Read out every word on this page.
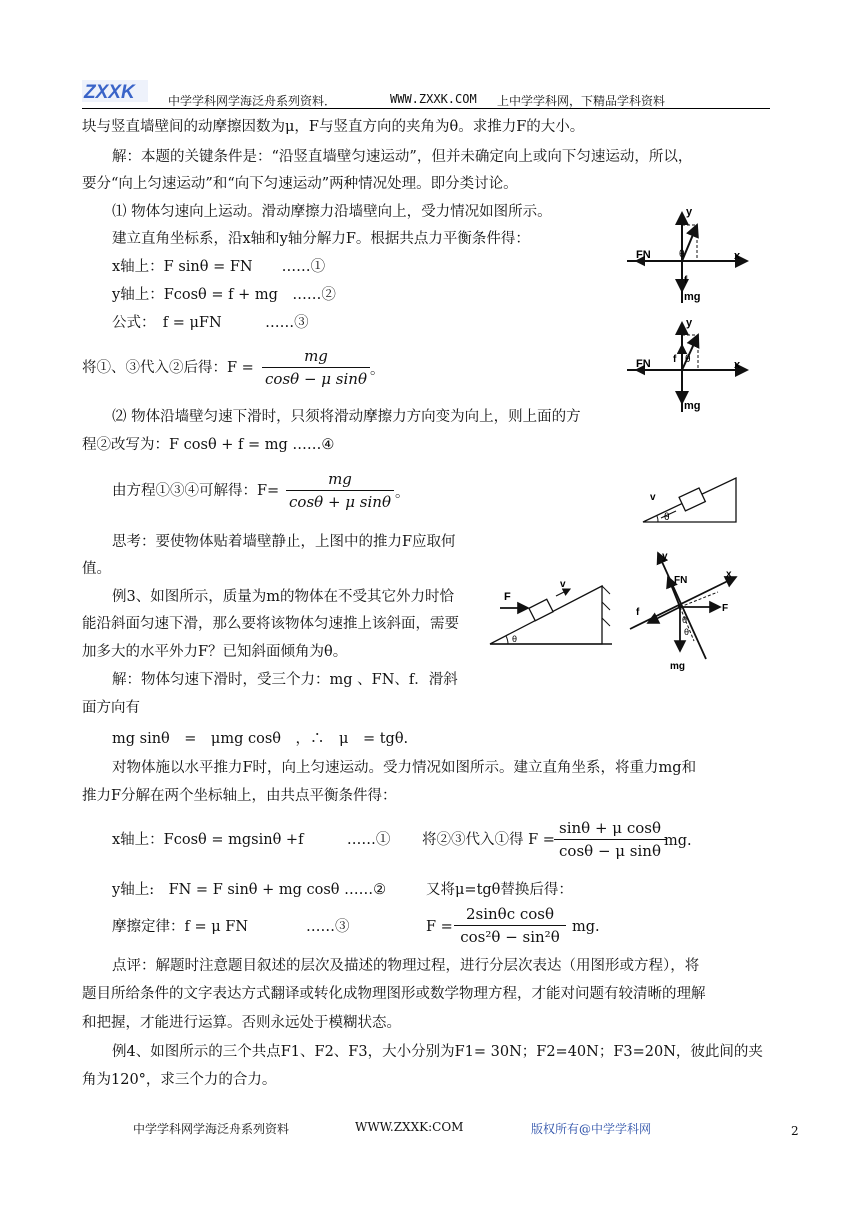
ZXXK	中学学科网学海泛舟系列资料．	WWW.ZXXK.COM 上中学学科网，下精品学科资料
块与竖直墙壁间的动摩擦因数为μ，F与竖直方向的夹角为θ。求推力F的大小。
解：本题的关键条件是：“沿竖直墙壁匀速运动”，但并未确定向上或向下匀速运动，所以，
要分“向上匀速运动”和“向下匀速运动”两种情况处理。即分类讨论。
⑴ 物体匀速向上运动。滑动摩擦力沿墙壁向上，受力情况如图所示。
建立直角坐标系，沿x轴和y轴分解力F。根据共点力平衡条件得：
x轴上：F sinθ = FN　　……①
y轴上：Fcosθ = f + mg　……②
公式：　f = μFN　　　……③
将①、③代入②后得：F =
mg
cosθ − μ sinθ 。
⑵ 物体沿墙壁匀速下滑时，只须将滑动摩擦力方向变为向上，则上面的方
程②改写为：F cosθ + f = mg ……④
由方程①③④可解得：F=
mg
cosθ + μ sinθ 。
思考：要使物体贴着墙壁静止，上图中的推力F应取何
值。
例3、如图所示，质量为m的物体在不受其它外力时恰
能沿斜面匀速下滑，那么要将该物体匀速推上该斜面，需要
加多大的水平外力F？已知斜面倾角为θ。
解：物体匀速下滑时，受三个力：mg 、FN、f．滑斜
面方向有
mg sinθ　=　μmg cosθ　，∴　μ　= tgθ.
对物体施以水平推力F时，向上匀速运动。受力情况如图所示。建立直角坐系，将重力mg和
推力F分解在两个坐标轴上，由共点平衡条件得：
x轴上：Fcosθ = mgsinθ +f　　　……① 将②③代入①得 F =
sinθ + μ cosθ
cosθ − μ sinθ
mg.
y轴上:　FN = F sinθ + mg cosθ ……②	又将μ=tgθ替换后得：
摩擦定律：f = μ FN　　　　……③	F =
2sinθc cosθ
cos²θ − sin²θ
mg.
点评：解题时注意题目叙述的层次及描述的物理过程，进行分层次表达（用图形或方程），将
题目所给条件的文字表达方式翻译或转化成物理图形或数学物理方程，才能对问题有较清晰的理解
和把握，才能进行运算。否则永远处于模糊状态。
例4、如图所示的三个共点F1、F2、F3，大小分别为F1= 30N；F2=40N；F3=20N，彼此间的夹
角为120°，求三个力的合力。
y
x
FN	θ
f
mg
y
x
FN	θ
f
mg
v
θ
F
v
θ
y
x
FN
f	F
θ
θ
mg
中学学科网学海泛舟系列资料	WWW.ZXXK:COM	版权所有@中学学科网	2
